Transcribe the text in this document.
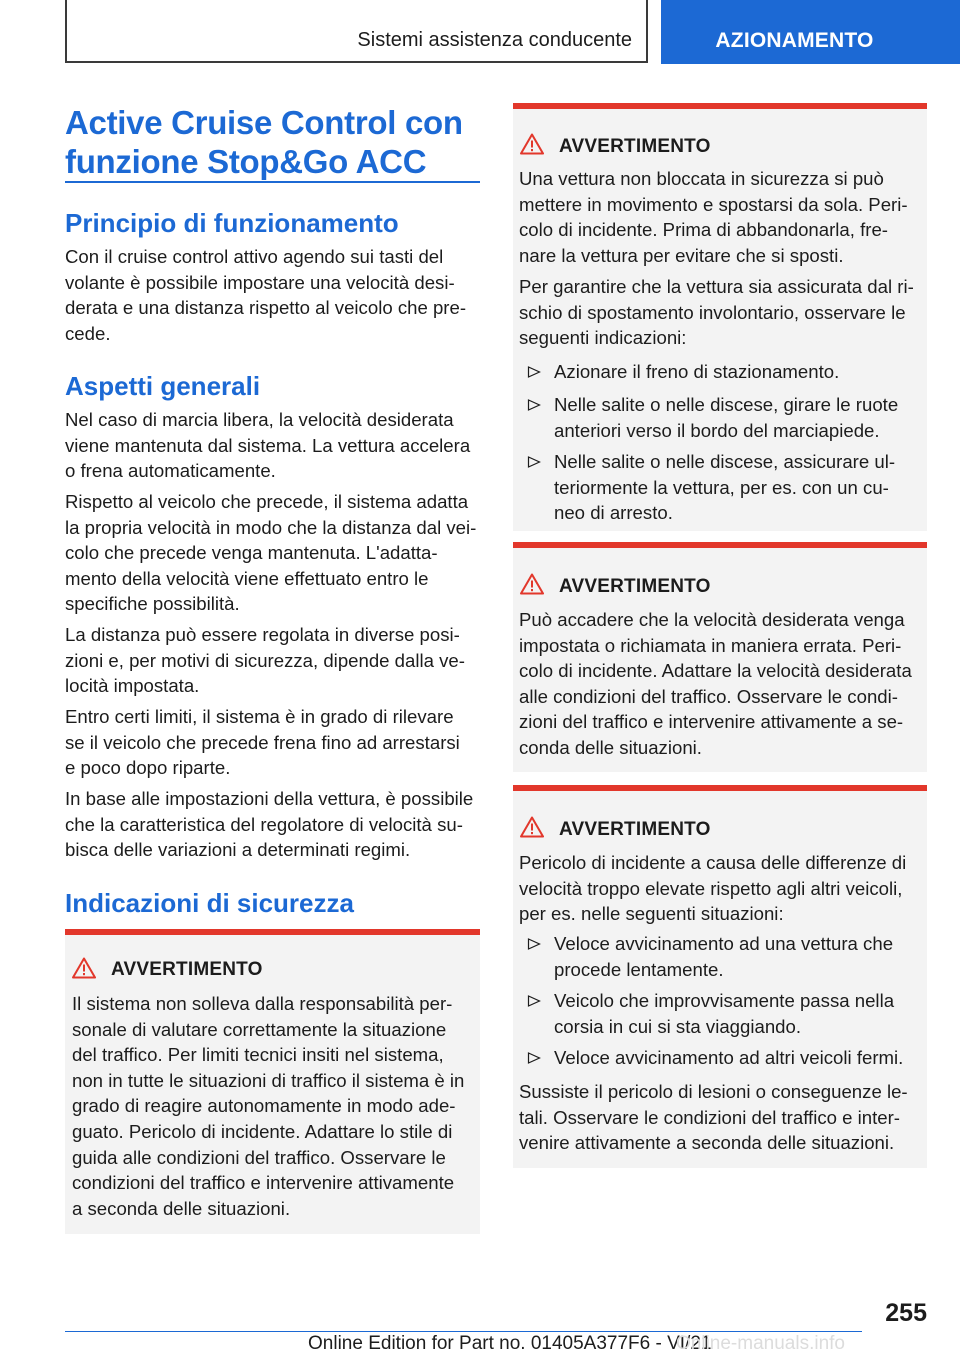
Sistemi assistenza conducente	AZIONAMENTO
Active Cruise Control con
funzione Stop&Go ACC
Principio di funzionamento
Con il cruise control attivo agendo sui tasti del
volante è possibile impostare una velocità desi-
derata e una distanza rispetto al veicolo che pre-
cede.
Aspetti generali
Nel caso di marcia libera, la velocità desiderata
viene mantenuta dal sistema. La vettura accelera
o frena automaticamente.
Rispetto al veicolo che precede, il sistema adatta
la propria velocità in modo che la distanza dal vei-
colo che precede venga mantenuta. L'adatta-
mento della velocità viene effettuato entro le
specifiche possibilità.
La distanza può essere regolata in diverse posi-
zioni e, per motivi di sicurezza, dipende dalla ve-
locità impostata.
Entro certi limiti, il sistema è in grado di rilevare
se il veicolo che precede frena fino ad arrestarsi
e poco dopo riparte.
In base alle impostazioni della vettura, è possibile
che la caratteristica del regolatore di velocità su-
bisca delle variazioni a determinati regimi.
Indicazioni di sicurezza
AVVERTIMENTO
Il sistema non solleva dalla responsabilità per-
sonale di valutare correttamente la situazione
del traffico. Per limiti tecnici insiti nel sistema,
non in tutte le situazioni di traffico il sistema è in
grado di reagire autonomamente in modo ade-
guato. Pericolo di incidente. Adattare lo stile di
guida alle condizioni del traffico. Osservare le
condizioni del traffico e intervenire attivamente
a seconda delle situazioni.
AVVERTIMENTO
Una vettura non bloccata in sicurezza si può
mettere in movimento e spostarsi da sola. Peri-
colo di incidente. Prima di abbandonarla, fre-
nare la vettura per evitare che si sposti.
Per garantire che la vettura sia assicurata dal ri-
schio di spostamento involontario, osservare le
seguenti indicazioni:
Azionare il freno di stazionamento.
Nelle salite o nelle discese, girare le ruote
anteriori verso il bordo del marciapiede.
Nelle salite o nelle discese, assicurare ul-
teriormente la vettura, per es. con un cu-
neo di arresto.
AVVERTIMENTO
Può accadere che la velocità desiderata venga
impostata o richiamata in maniera errata. Peri-
colo di incidente. Adattare la velocità desiderata
alle condizioni del traffico. Osservare le condi-
zioni del traffico e intervenire attivamente a se-
conda delle situazioni.
AVVERTIMENTO
Pericolo di incidente a causa delle differenze di
velocità troppo elevate rispetto agli altri veicoli,
per es. nelle seguenti situazioni:
Veloce avvicinamento ad una vettura che
procede lentamente.
Veicolo che improvvisamente passa nella
corsia in cui si sta viaggiando.
Veloce avvicinamento ad altri veicoli fermi.
Sussiste il pericolo di lesioni o conseguenze le-
tali. Osservare le condizioni del traffico e inter-
venire attivamente a seconda delle situazioni.
255
Online Edition for Part no. 01405A377F6 - VI/21
Online-manuals.info
